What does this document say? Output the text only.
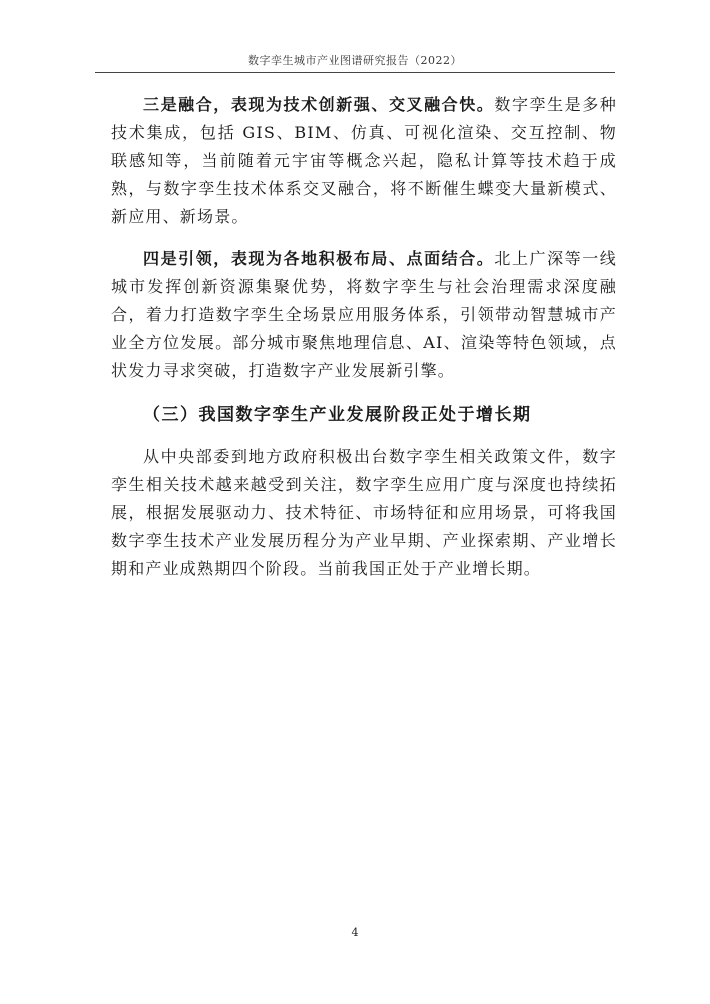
数字孪生城市产业图谱研究报告（2022）

三是融合，表现为技术创新强、交叉融合快。数字孪生是多种技术集成，包括 GIS、BIM、仿真、可视化渲染、交互控制、物联感知等，当前随着元宇宙等概念兴起，隐私计算等技术趋于成熟，与数字孪生技术体系交叉融合，将不断催生蝶变大量新模式、新应用、新场景。

四是引领，表现为各地积极布局、点面结合。北上广深等一线城市发挥创新资源集聚优势，将数字孪生与社会治理需求深度融合，着力打造数字孪生全场景应用服务体系，引领带动智慧城市产业全方位发展。部分城市聚焦地理信息、AI、渲染等特色领域，点状发力寻求突破，打造数字产业发展新引擎。

（三）我国数字孪生产业发展阶段正处于增长期

从中央部委到地方政府积极出台数字孪生相关政策文件，数字孪生相关技术越来越受到关注，数字孪生应用广度与深度也持续拓展，根据发展驱动力、技术特征、市场特征和应用场景，可将我国数字孪生技术产业发展历程分为产业早期、产业探索期、产业增长期和产业成熟期四个阶段。当前我国正处于产业增长期。

4
